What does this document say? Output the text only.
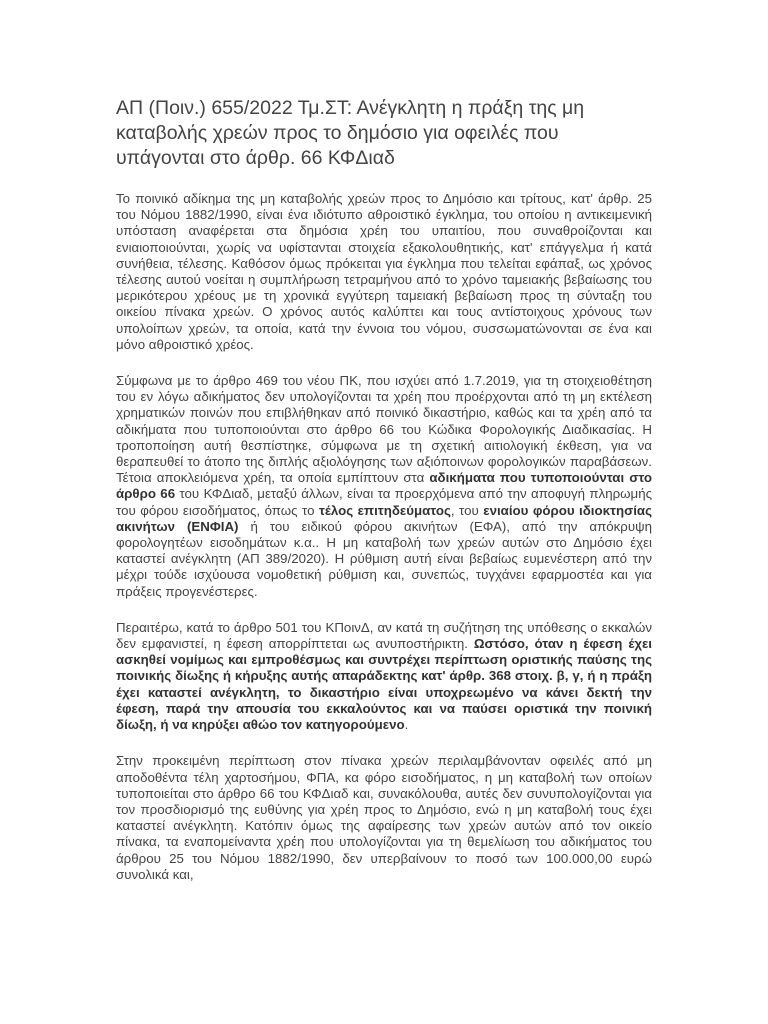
ΑΠ (Ποιν.) 655/2022 Τμ.ΣΤ: Ανέγκλητη η πράξη της μη καταβολής χρεών προς το δημόσιο για οφειλές που υπάγονται στο άρθρ. 66 ΚΦΔιαδ

Το ποινικό αδίκημα της μη καταβολής χρεών προς το Δημόσιο και τρίτους, κατ' άρθρ. 25 του Νόμου 1882/1990, είναι ένα ιδιότυπο αθροιστικό έγκλημα, του οποίου η αντικειμενική υπόσταση αναφέρεται στα δημόσια χρέη του υπαιτίου, που συναθροίζονται και ενιαιοποιούνται, χωρίς να υφίστανται στοιχεία εξακολουθητικής, κατ' επάγγελμα ή κατά συνήθεια, τέλεσης. Καθόσον όμως πρόκειται για έγκλημα που τελείται εφάπαξ, ως χρόνος τέλεσης αυτού νοείται η συμπλήρωση τετραμήνου από το χρόνο ταμειακής βεβαίωσης του μερικότερου χρέους με τη χρονικά εγγύτερη ταμειακή βεβαίωση προς τη σύνταξη του οικείου πίνακα χρεών. Ο χρόνος αυτός καλύπτει και τους αντίστοιχους χρόνους των υπολοίπων χρεών, τα οποία, κατά την έννοια του νόμου, συσσωματώνονται σε ένα και μόνο αθροιστικό χρέος.

Σύμφωνα με το άρθρο 469 του νέου ΠΚ, που ισχύει από 1.7.2019, για τη στοιχειοθέτηση του εν λόγω αδικήματος δεν υπολογίζονται τα χρέη που προέρχονται από τη μη εκτέλεση χρηματικών ποινών που επιβλήθηκαν από ποινικό δικαστήριο, καθώς και τα χρέη από τα αδικήματα που τυποποιούνται στο άρθρο 66 του Κώδικα Φορολογικής Διαδικασίας. Η τροποποίηση αυτή θεσπίστηκε, σύμφωνα με τη σχετική αιτιολογική έκθεση, για να θεραπευθεί το άτοπο της διπλής αξιολόγησης των αξιόποινων φορολογικών παραβάσεων. Τέτοια αποκλειόμενα χρέη, τα οποία εμπίπτουν στα αδικήματα που τυποποιούνται στο άρθρο 66 του ΚΦΔιαδ, μεταξύ άλλων, είναι τα προερχόμενα από την αποφυγή πληρωμής του φόρου εισοδήματος, όπως το τέλος επιτηδεύματος, του ενιαίου φόρου ιδιοκτησίας ακινήτων (ΕΝΦΙΑ) ή του ειδικού φόρου ακινήτων (ΕΦΑ), από την απόκρυψη φορολογητέων εισοδημάτων κ.α.. Η μη καταβολή των χρεών αυτών στο Δημόσιο έχει καταστεί ανέγκλητη (ΑΠ 389/2020). Η ρύθμιση αυτή είναι βεβαίως ευμενέστερη από την μέχρι τούδε ισχύουσα νομοθετική ρύθμιση και, συνεπώς, τυγχάνει εφαρμοστέα και για πράξεις προγενέστερες.

Περαιτέρω, κατά το άρθρο 501 του ΚΠοινΔ, αν κατά τη συζήτηση της υπόθεσης ο εκκαλών δεν εμφανιστεί, η έφεση απορρίπτεται ως ανυποστήρικτη. Ωστόσο, όταν η έφεση έχει ασκηθεί νομίμως και εμπροθέσμως και συντρέχει περίπτωση οριστικής παύσης της ποινικής δίωξης ή κήρυξης αυτής απαράδεκτης κατ' άρθρ. 368 στοιχ. β, γ, ή η πράξη έχει καταστεί ανέγκλητη, το δικαστήριο είναι υποχρεωμένο να κάνει δεκτή την έφεση, παρά την απουσία του εκκαλούντος και να παύσει οριστικά την ποινική δίωξη, ή να κηρύξει αθώο τον κατηγορούμενο.

Στην προκειμένη περίπτωση στον πίνακα χρεών περιλαμβάνονταν οφειλές από μη αποδοθέντα τέλη χαρτοσήμου, ΦΠΑ, κα φόρο εισοδήματος, η μη καταβολή των οποίων τυποποιείται στο άρθρο 66 του ΚΦΔιαδ και, συνακόλουθα, αυτές δεν συνυπολογίζονται για τον προσδιορισμό της ευθύνης για χρέη προς το Δημόσιο, ενώ η μη καταβολή τους έχει καταστεί ανέγκλητη. Κατόπιν όμως της αφαίρεσης των χρεών αυτών από τον οικείο πίνακα, τα εναπομείναντα χρέη που υπολογίζονται για τη θεμελίωση του αδικήματος του άρθρου 25 του Νόμου 1882/1990, δεν υπερβαίνουν το ποσό των 100.000,00 ευρώ συνολικά και,
